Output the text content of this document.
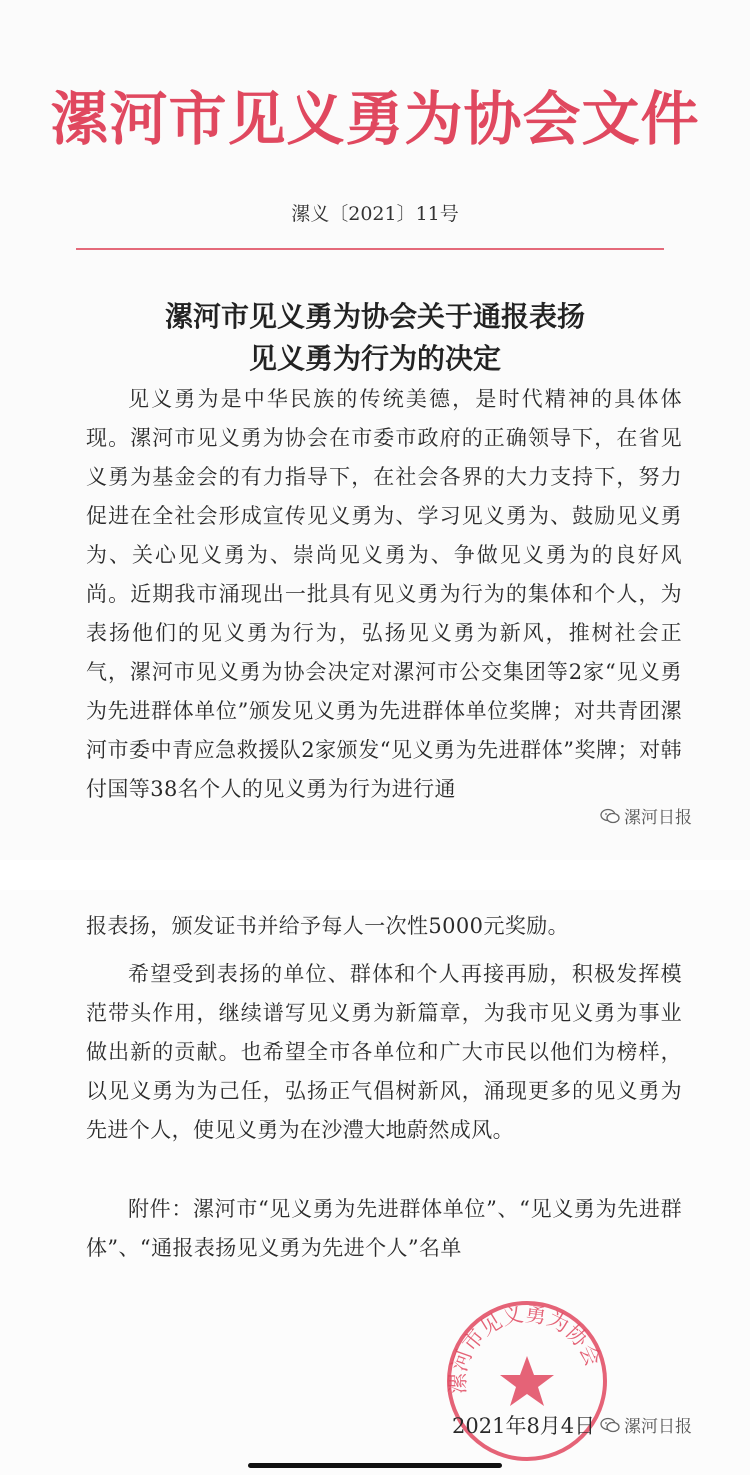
漯河市见义勇为协会文件
漯义〔2021〕11号
漯河市见义勇为协会关于通报表扬
见义勇为行为的决定

见义勇为是中华民族的传统美德，是时代精神的具体体现。漯河市见义勇为协会在市委市政府的正确领导下，在省见义勇为基金会的有力指导下，在社会各界的大力支持下，努力促进在全社会形成宣传见义勇为、学习见义勇为、鼓励见义勇为、关心见义勇为、崇尚见义勇为、争做见义勇为的良好风尚。近期我市涌现出一批具有见义勇为行为的集体和个人，为表扬他们的见义勇为行为，弘扬见义勇为新风，推树社会正气，漯河市见义勇为协会决定对漯河市公交集团等2家“见义勇为先进群体单位”颁发见义勇为先进群体单位奖牌；对共青团漯河市委中青应急救援队2家颁发“见义勇为先进群体”奖牌；对韩付国等38名个人的见义勇为行为进行通

漯河日报

报表扬，颁发证书并给予每人一次性5000元奖励。

希望受到表扬的单位、群体和个人再接再励，积极发挥模范带头作用，继续谱写见义勇为新篇章，为我市见义勇为事业做出新的贡献。也希望全市各单位和广大市民以他们为榜样，以见义勇为为己任，弘扬正气倡树新风，涌现更多的见义勇为先进个人，使见义勇为在沙澧大地蔚然成风。

附件：漯河市“见义勇为先进群体单位”、“见义勇为先进群体”、“通报表扬见义勇为先进个人”名单

漯河市见义勇为协会
2021年8月4日 漯河日报
